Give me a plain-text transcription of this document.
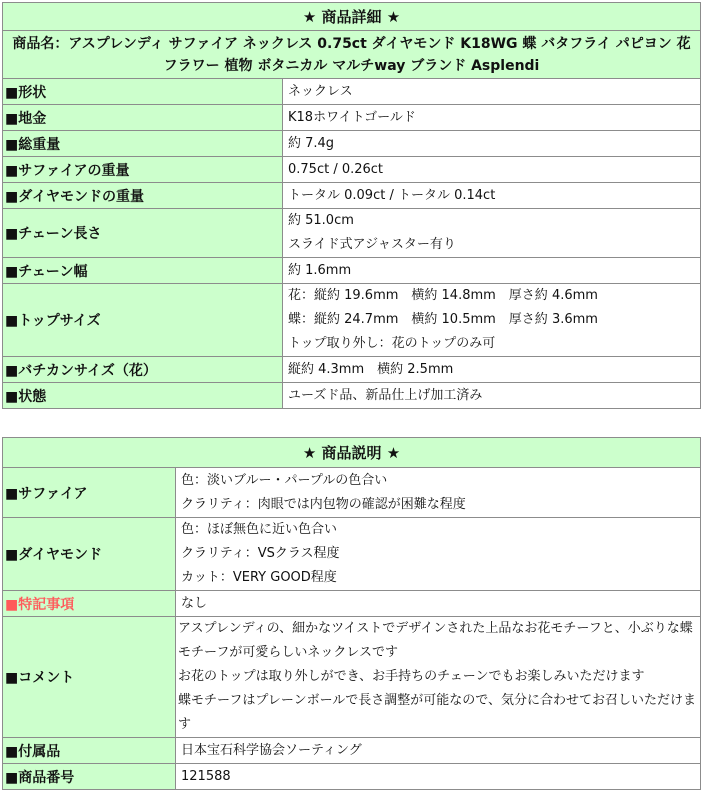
★ 商品詳細 ★	
商品名：アスプレンディ サファイア ネックレス 0.75ct ダイヤモンド K18WG 蝶 バタフライ パピヨン 花 フラワー 植物 ボタニカル マルチway ブランド Asplendi	
■形状	ネックレス

■地金	K18ホワイトゴールド

■総重量	約 7.4g

■サファイアの重量	0.75ct / 0.26ct

■ダイヤモンドの重量	トータル 0.09ct / トータル 0.14ct

■チェーン長さ	約 51.0cm
スライド式アジャスター有り

■チェーン幅	約 1.6mm

■トップサイズ	花：縦約 19.6mm　横約 14.8mm　厚さ約 4.6mm
蝶：縦約 24.7mm　横約 10.5mm　厚さ約 3.6mm
トップ取り外し：花のトップのみ可

■バチカンサイズ（花）	縦約 4.3mm　横約 2.5mm

■状態	ユーズド品、新品仕上げ加工済み
★ 商品説明 ★	
■サファイア	色：淡いブルー・パープルの色合い
クラリティ：肉眼では内包物の確認が困難な程度

■ダイヤモンド	色：ほぼ無色に近い色合い
クラリティ：VSクラス程度
カット：VERY GOOD程度

■特記事項	なし

■コメント	アスプレンディの、細かなツイストでデザインされた上品なお花モチーフと、小ぶりな蝶モチーフが可愛らしいネックレスです
お花のトップは取り外しができ、お手持ちのチェーンでもお楽しみいただけます
蝶モチーフはプレーンボールで長さ調整が可能なので、気分に合わせてお召しいただけます

■付属品	日本宝石科学協会ソーティング

■商品番号	121588
